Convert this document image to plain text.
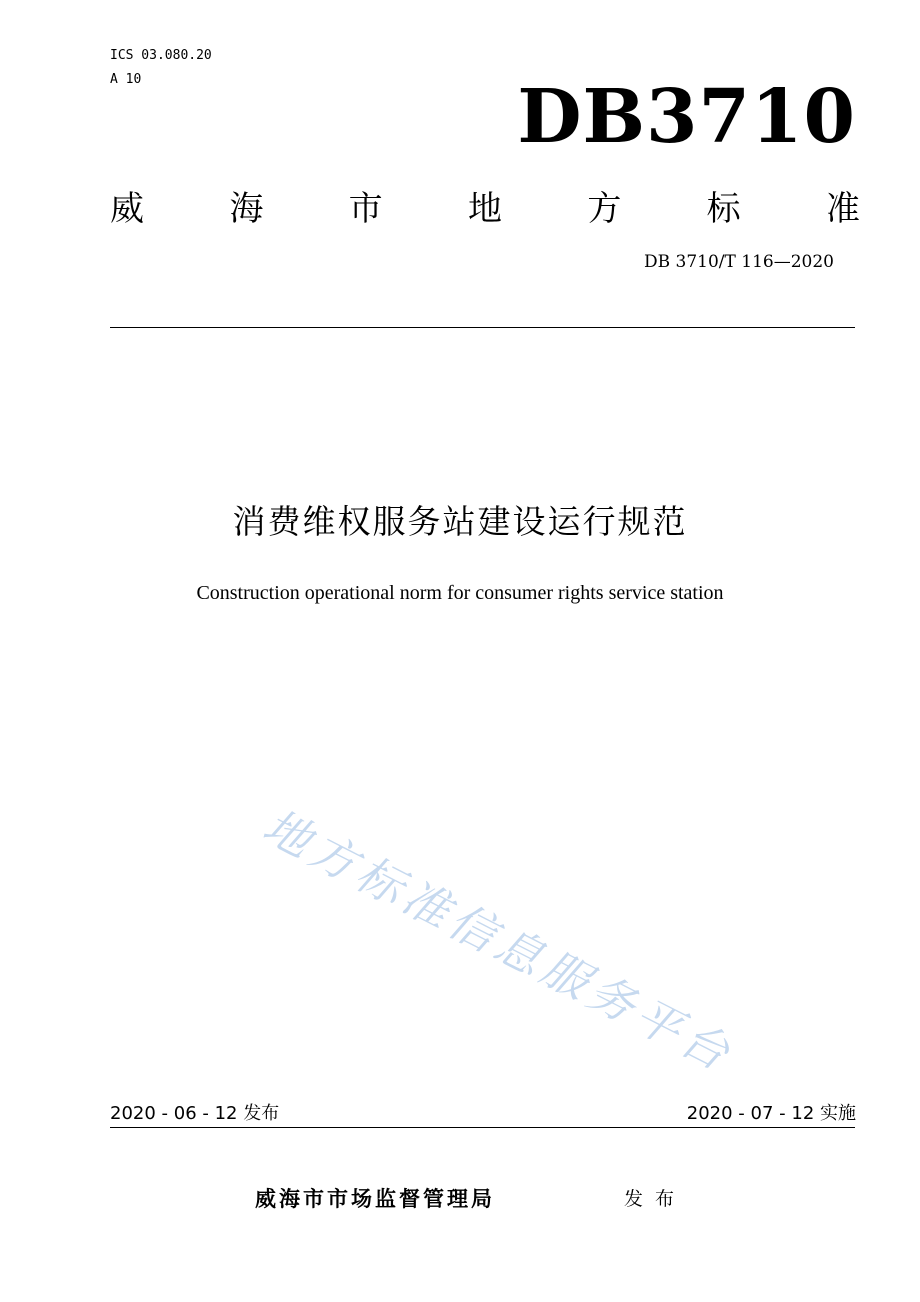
ICS 03.080.20
A 10	DB3710
威	海	市	地	方	标	准
DB 3710/T 116—2020
消费维权服务站建设运行规范
Construction operational norm for consumer rights service station
地方标准信息服务平台
2020 - 06 - 12 发布	2020 - 07 - 12 实施
威海市市场监督管理局	发布
